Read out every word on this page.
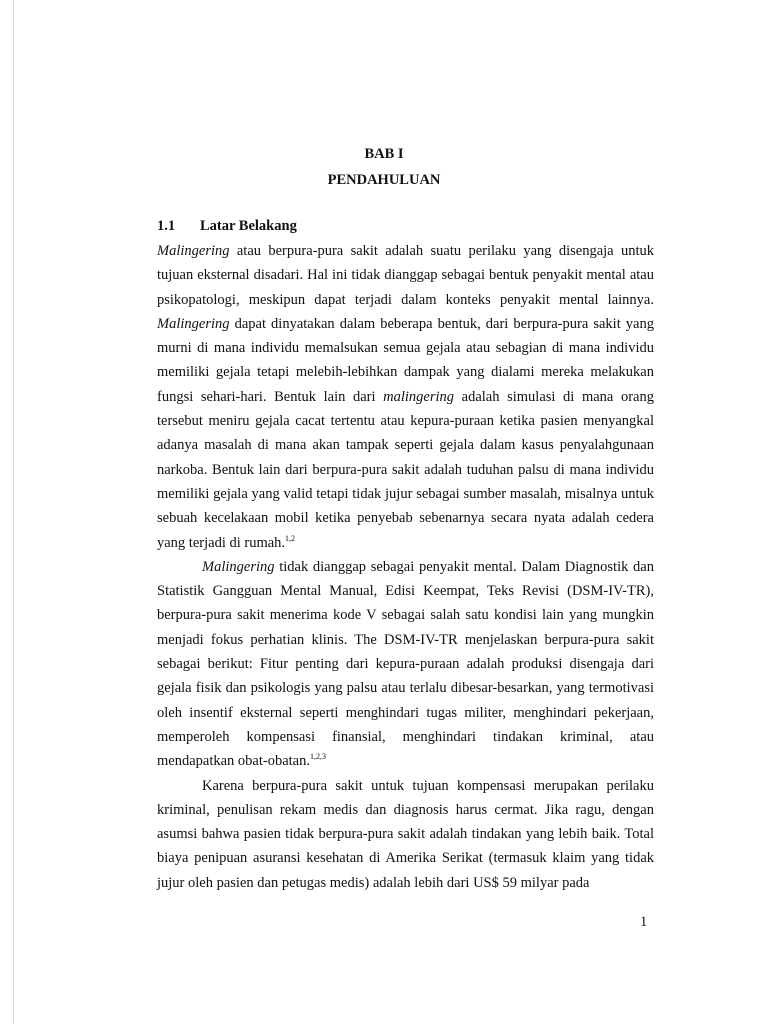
BAB I
PENDAHULUAN
1.1 Latar Belakang

Malingering atau berpura-pura sakit adalah suatu perilaku yang disengaja untuk tujuan eksternal disadari. Hal ini tidak dianggap sebagai bentuk penyakit mental atau psikopatologi, meskipun dapat terjadi dalam konteks penyakit mental lainnya. Malingering dapat dinyatakan dalam beberapa bentuk, dari berpura-pura sakit yang murni di mana individu memalsukan semua gejala atau sebagian di mana individu memiliki gejala tetapi melebih-lebihkan dampak yang dialami mereka melakukan fungsi sehari-hari. Bentuk lain dari malingering adalah simulasi di mana orang tersebut meniru gejala cacat tertentu atau kepura-puraan ketika pasien menyangkal adanya masalah di mana akan tampak seperti gejala dalam kasus penyalahgunaan narkoba. Bentuk lain dari berpura-pura sakit adalah tuduhan palsu di mana individu memiliki gejala yang valid tetapi tidak jujur sebagai sumber masalah, misalnya untuk sebuah kecelakaan mobil ketika penyebab sebenarnya secara nyata adalah cedera yang terjadi di rumah.$^{1,2}$

Malingering tidak dianggap sebagai penyakit mental. Dalam Diagnostik dan Statistik Gangguan Mental Manual, Edisi Keempat, Teks Revisi (DSM-IV-TR), berpura-pura sakit menerima kode V sebagai salah satu kondisi lain yang mungkin menjadi fokus perhatian klinis. The DSM-IV-TR menjelaskan berpura-pura sakit sebagai berikut: Fitur penting dari kepura-puraan adalah produksi disengaja dari gejala fisik dan psikologis yang palsu atau terlalu dibesar-besarkan, yang termotivasi oleh insentif eksternal seperti menghindari tugas militer, menghindari pekerjaan, memperoleh kompensasi finansial, menghindari tindakan kriminal, atau mendapatkan obat-obatan.$^{1,2,3}$

Karena berpura-pura sakit untuk tujuan kompensasi merupakan perilaku kriminal, penulisan rekam medis dan diagnosis harus cermat. Jika ragu, dengan asumsi bahwa pasien tidak berpura-pura sakit adalah tindakan yang lebih baik. Total biaya penipuan asuransi kesehatan di Amerika Serikat (termasuk klaim yang tidak jujur oleh pasien dan petugas medis) adalah lebih dari US$ 59 milyar pada

1
